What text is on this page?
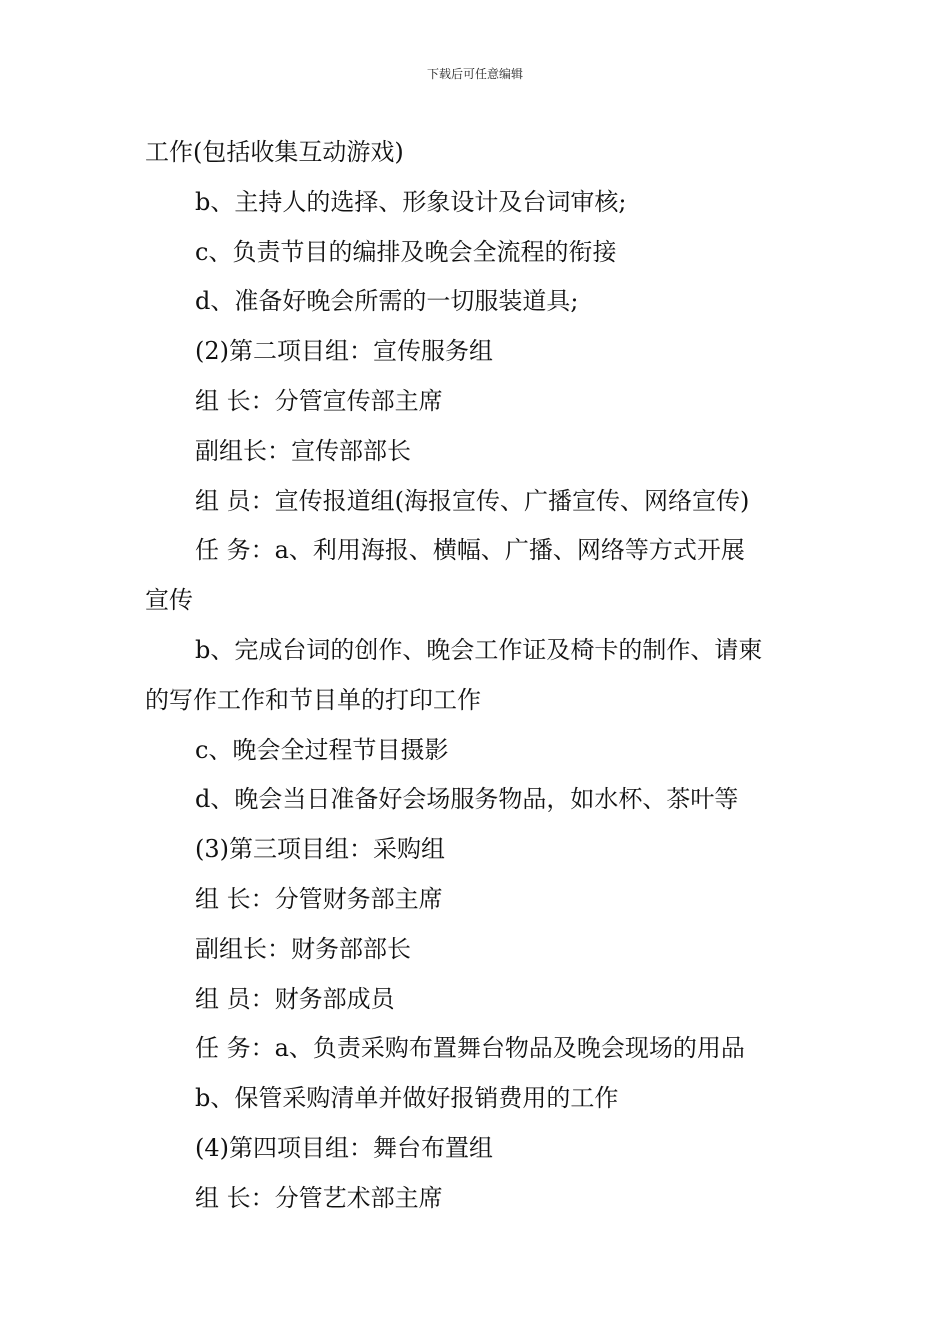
下载后可任意编辑
工作(包括收集互动游戏)
b、主持人的选择、形象设计及台词审核;
c、负责节目的编排及晚会全流程的衔接
d、准备好晚会所需的一切服装道具;
(2)第二项目组：宣传服务组
组 长：分管宣传部主席
副组长：宣传部部长
组 员：宣传报道组(海报宣传、广播宣传、网络宣传)
任 务：a、利用海报、横幅、广播、网络等方式开展
宣传
b、完成台词的创作、晚会工作证及椅卡的制作、请柬
的写作工作和节目单的打印工作
c、晚会全过程节目摄影
d、晚会当日准备好会场服务物品，如水杯、茶叶等
(3)第三项目组：采购组
组 长：分管财务部主席
副组长：财务部部长
组 员：财务部成员
任 务：a、负责采购布置舞台物品及晚会现场的用品
b、保管采购清单并做好报销费用的工作
(4)第四项目组：舞台布置组
组 长：分管艺术部主席
